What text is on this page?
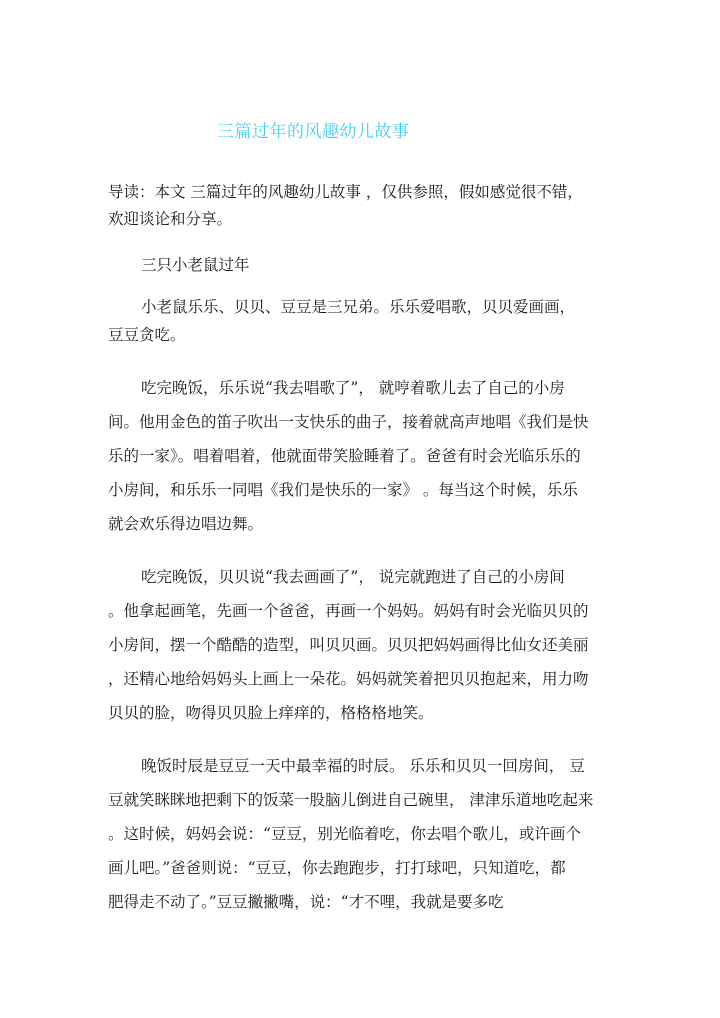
三篇过年的风趣幼儿故事
导读：本文 三篇过年的风趣幼儿故事 ，仅供参照，假如感觉很不错，
欢迎谈论和分享。
三只小老鼠过年
小老鼠乐乐、贝贝、豆豆是三兄弟。乐乐爱唱歌，贝贝爱画画，
豆豆贪吃。
吃完晚饭，乐乐说“我去唱歌了”， 就哼着歌儿去了自己的小房
间。他用金色的笛子吹出一支快乐的曲子，接着就高声地唱《我们是快
乐的一家》。唱着唱着，他就面带笑脸睡着了。爸爸有时会光临乐乐的
小房间，和乐乐一同唱《我们是快乐的一家》 。每当这个时候，乐乐
就会欢乐得边唱边舞。
吃完晚饭，贝贝说“我去画画了”， 说完就跑进了自己的小房间
。他拿起画笔，先画一个爸爸，再画一个妈妈。妈妈有时会光临贝贝的
小房间，摆一个酷酷的造型，叫贝贝画。贝贝把妈妈画得比仙女还美丽
，还精心地给妈妈头上画上一朵花。妈妈就笑着把贝贝抱起来，用力吻
贝贝的脸，吻得贝贝脸上痒痒的，格格格地笑。
晚饭时辰是豆豆一天中最幸福的时辰。 乐乐和贝贝一回房间， 豆
豆就笑眯眯地把剩下的饭菜一股脑儿倒进自己碗里， 津津乐道地吃起来
。这时候，妈妈会说：“豆豆，别光临着吃，你去唱个歌儿，或许画个
画儿吧。”爸爸则说：“豆豆，你去跑跑步，打打球吧，只知道吃，都
肥得走不动了。”豆豆撇撇嘴，说：“才不哩，我就是要多吃
